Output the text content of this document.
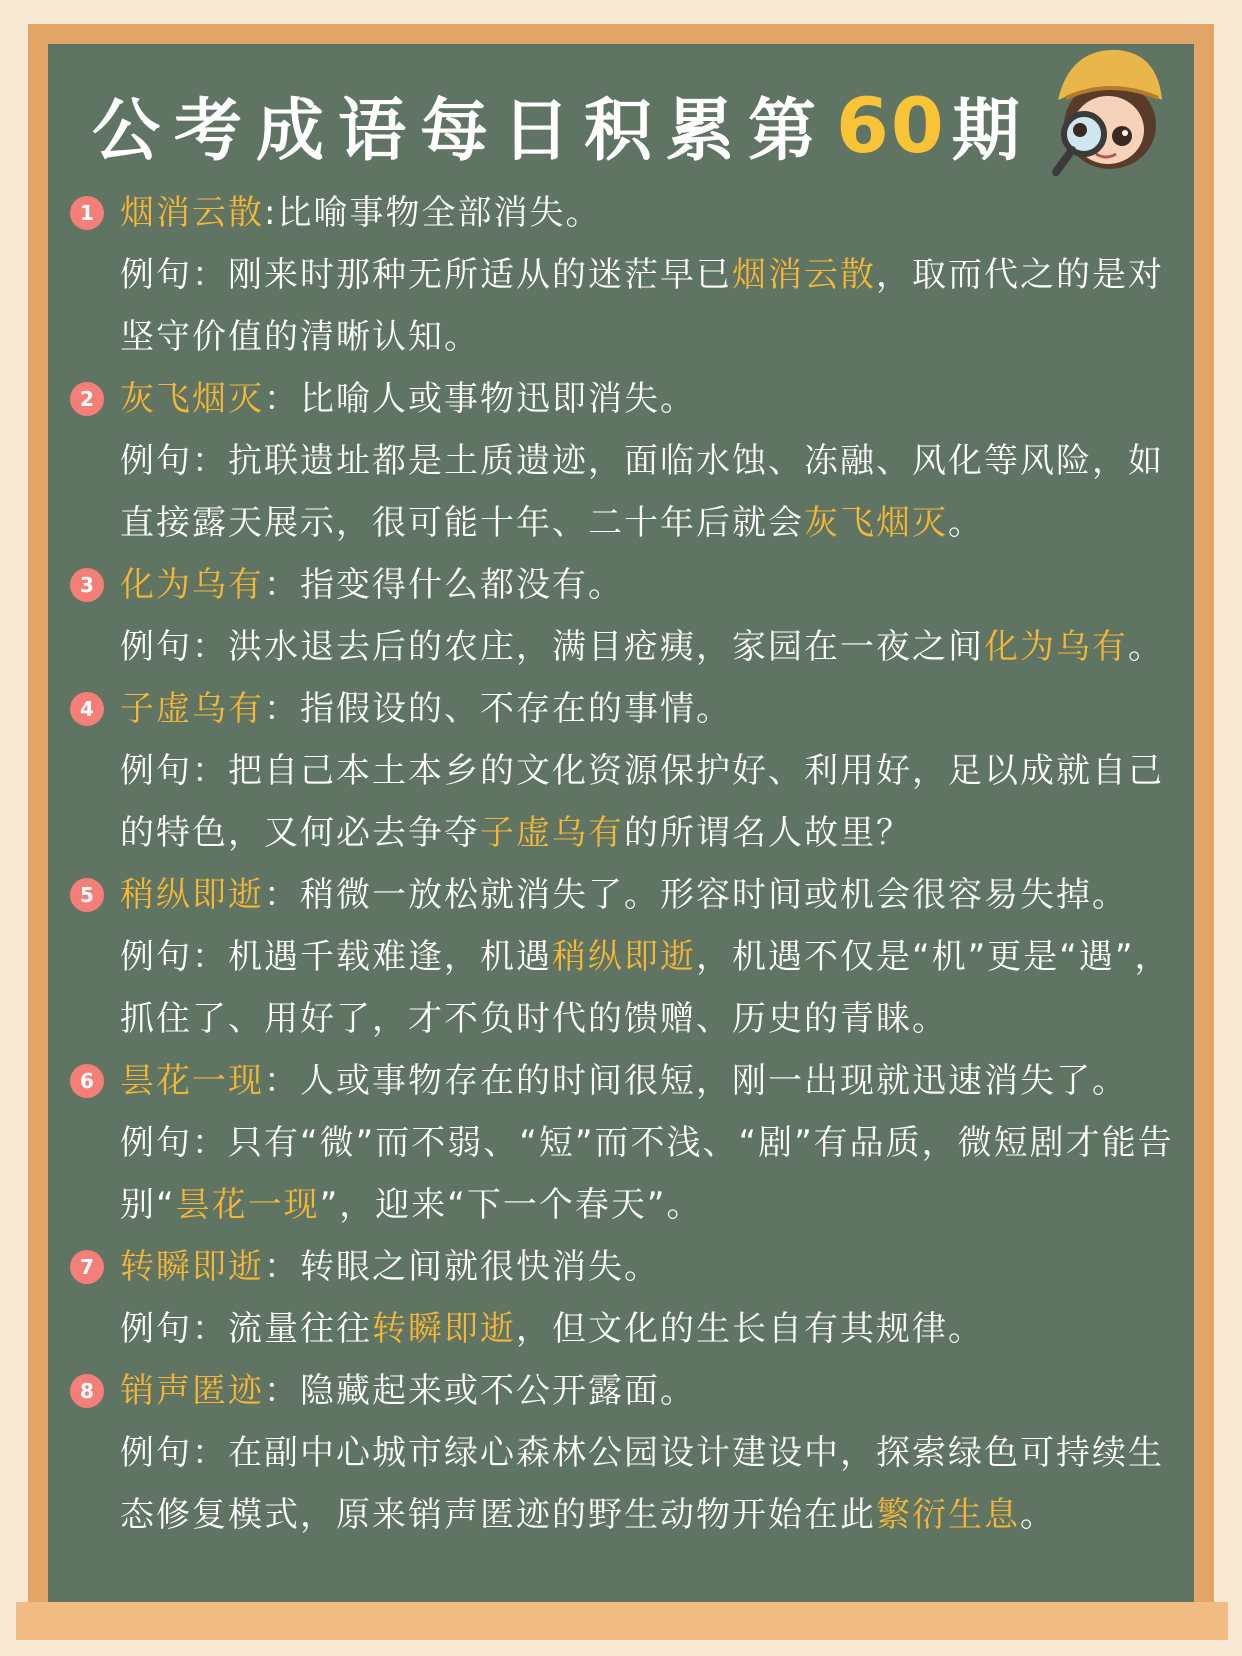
公考成语每日积累第 60 期
1 烟消云散 : 比喻事物全部消失。
例句：刚来时那种无所适从的迷茫早已烟消云散，取而代之的是对坚守价值的清晰认知。
2 灰飞烟灭 ： 比喻人或事物迅即消失。
例句：抗联遗址都是土质遗迹，面临水蚀、冻融、风化等风险，如直接露天展示，很可能十年、二十年后就会灰飞烟灭。
3 化为乌有 ： 指变得什么都没有。
例句：洪水退去后的农庄，满目疮痍，家园在一夜之间化为乌有。
4 子虚乌有 ： 指假设的、不存在的事情。
例句：把自己本土本乡的文化资源保护好、利用好，足以成就自己的特色，又何必去争夺子虚乌有的所谓名人故里？
5 稍纵即逝 ： 稍微一放松就消失了。形容时间或机会很容易失掉。
例句：机遇千载难逢，机遇稍纵即逝，机遇不仅是“机”更是“遇”，抓住了、用好了，才不负时代的馈赠、历史的青睐。
6 昙花一现 ： 人或事物存在的时间很短，刚一出现就迅速消失了。
例句：只有“微”而不弱、“短”而不浅、“剧”有品质，微短剧才能告别“昙花一现”，迎来“下一个春天”。
7 转瞬即逝 ： 转眼之间就很快消失。
例句：流量往往转瞬即逝，但文化的生长自有其规律。
8 销声匿迹 ： 隐藏起来或不公开露面。
例句：在副中心城市绿心森林公园设计建设中，探索绿色可持续生态修复模式，原来销声匿迹的野生动物开始在此繁衍生息。
